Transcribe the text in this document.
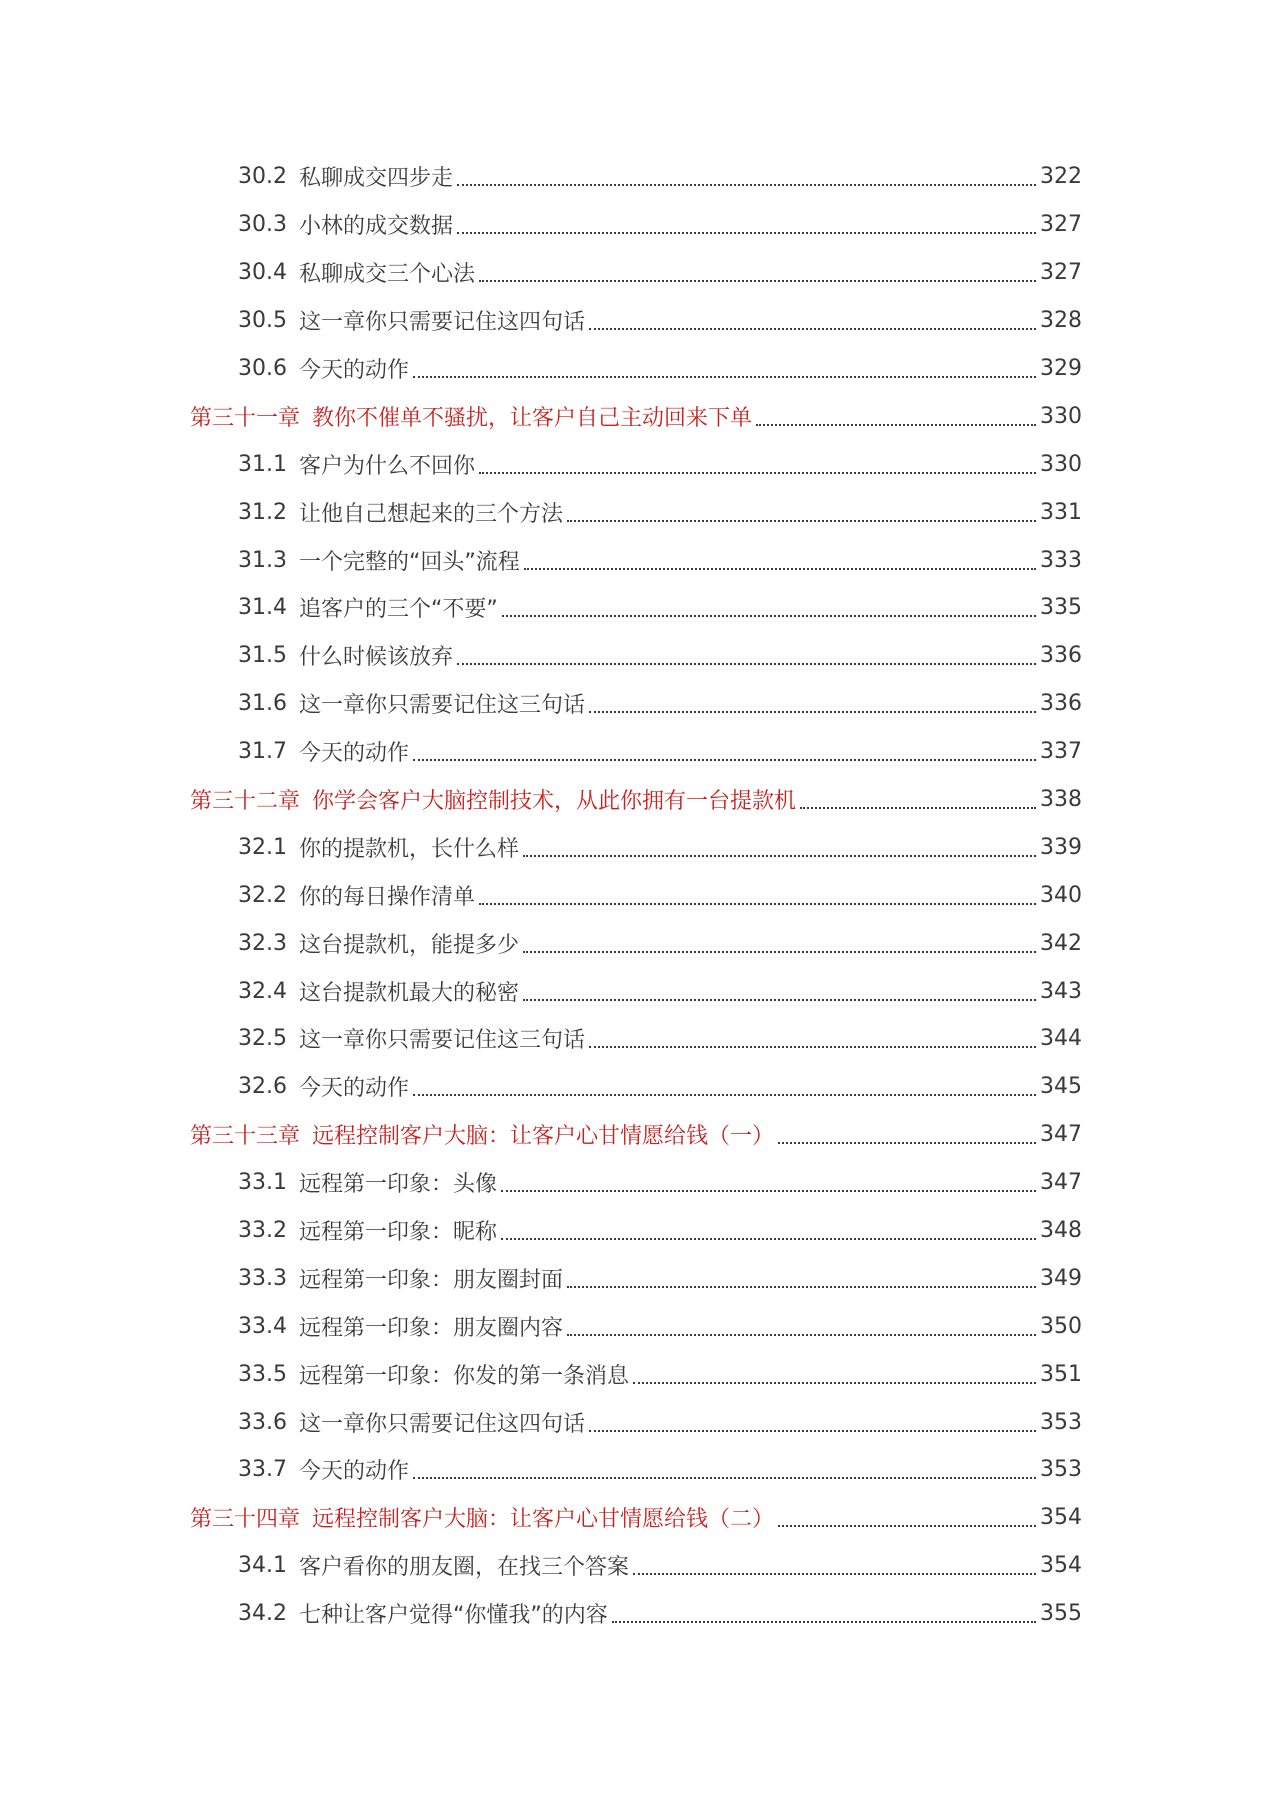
30.2 私聊成交四步走	322
30.3 小林的成交数据	327
30.4 私聊成交三个心法	327
30.5 这一章你只需要记住这四句话	328
30.6 今天的动作	329
第三十一章 教你不催单不骚扰，让客户自己主动回来下单	330
31.1 客户为什么不回你	330
31.2 让他自己想起来的三个方法	331
31.3 一个完整的“回头”流程	333
31.4 追客户的三个“不要”	335
31.5 什么时候该放弃	336
31.6 这一章你只需要记住这三句话	336
31.7 今天的动作	337
第三十二章 你学会客户大脑控制技术，从此你拥有一台提款机	338
32.1 你的提款机，长什么样	339
32.2 你的每日操作清单	340
32.3 这台提款机，能提多少	342
32.4 这台提款机最大的秘密	343
32.5 这一章你只需要记住这三句话	344
32.6 今天的动作	345
第三十三章 远程控制客户大脑：让客户心甘情愿给钱（一）	347
33.1 远程第一印象：头像	347
33.2 远程第一印象：昵称	348
33.3 远程第一印象：朋友圈封面	349
33.4 远程第一印象：朋友圈内容	350
33.5 远程第一印象：你发的第一条消息	351
33.6 这一章你只需要记住这四句话	353
33.7 今天的动作	353
第三十四章 远程控制客户大脑：让客户心甘情愿给钱（二）	354
34.1 客户看你的朋友圈，在找三个答案	354
34.2 七种让客户觉得“你懂我”的内容	355
